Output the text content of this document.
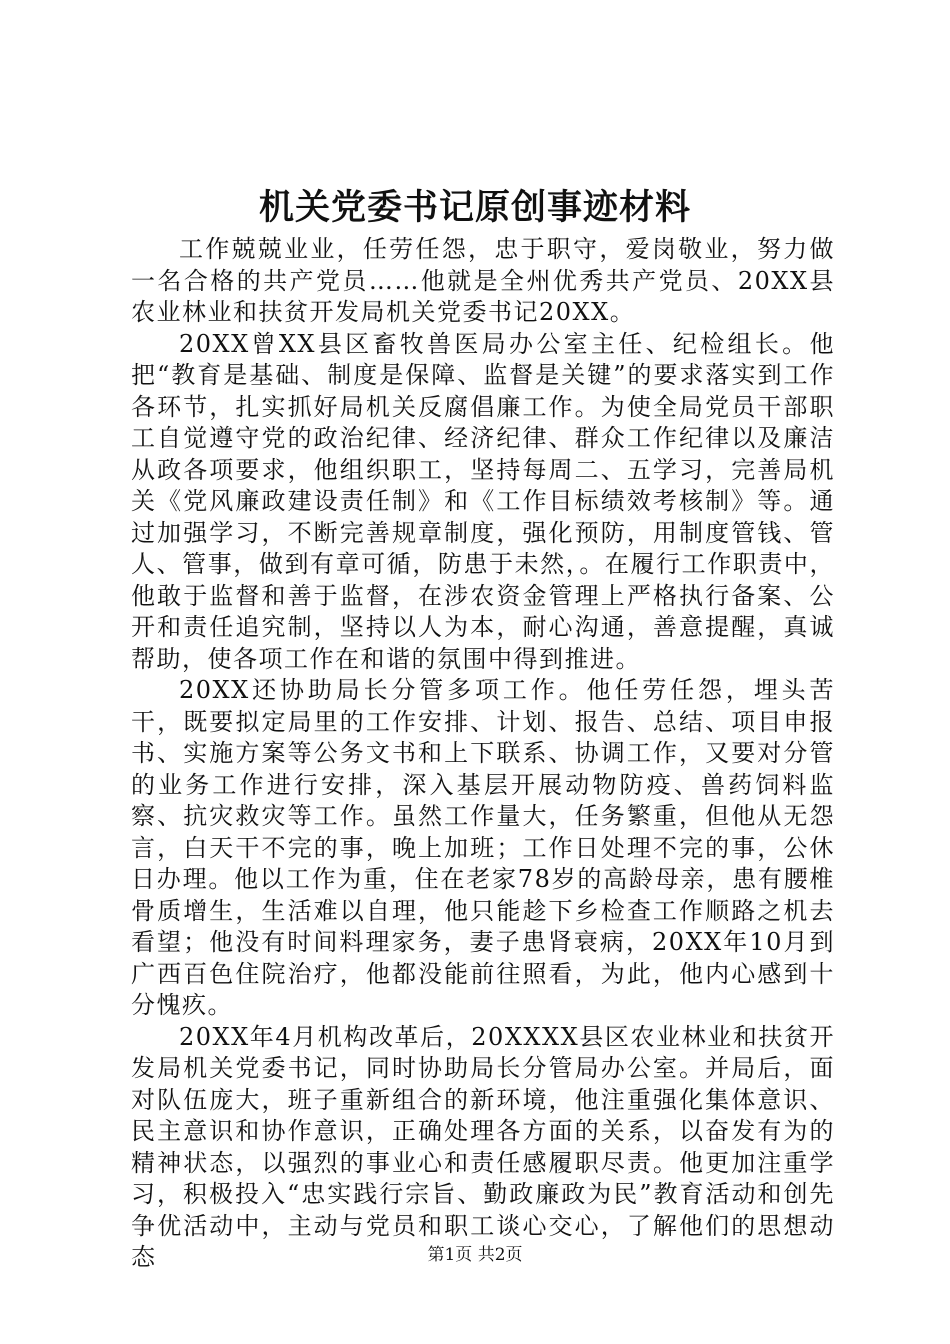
机关党委书记原创事迹材料

工作兢兢业业，任劳任怨，忠于职守，爱岗敬业，努力做一名合格的共产党员……他就是全州优秀共产党员、20XX县农业林业和扶贫开发局机关党委书记20XX。

20XX曾XX县区畜牧兽医局办公室主任、纪检组长。他把“教育是基础、制度是保障、监督是关键”的要求落实到工作各环节，扎实抓好局机关反腐倡廉工作。为使全局党员干部职工自觉遵守党的政治纪律、经济纪律、群众工作纪律以及廉洁从政各项要求，他组织职工，坚持每周二、五学习，完善局机关《党风廉政建设责任制》和《工作目标绩效考核制》等。通过加强学习，不断完善规章制度，强化预防，用制度管钱、管人、管事，做到有章可循，防患于未然，。在履行工作职责中，他敢于监督和善于监督，在涉农资金管理上严格执行备案、公开和责任追究制，坚持以人为本，耐心沟通，善意提醒，真诚帮助，使各项工作在和谐的氛围中得到推进。

20XX还协助局长分管多项工作。他任劳任怨，埋头苦干，既要拟定局里的工作安排、计划、报告、总结、项目申报书、实施方案等公务文书和上下联系、协调工作，又要对分管的业务工作进行安排，深入基层开展动物防疫、兽药饲料监察、抗灾救灾等工作。虽然工作量大，任务繁重，但他从无怨言，白天干不完的事，晚上加班；工作日处理不完的事，公休日办理。他以工作为重，住在老家78岁的高龄母亲，患有腰椎骨质增生，生活难以自理，他只能趁下乡检查工作顺路之机去看望；他没有时间料理家务，妻子患肾衰病，20XX年10月到广西百色住院治疗，他都没能前往照看，为此，他内心感到十分愧疚。

20XX年4月机构改革后，20XXXX县区农业林业和扶贫开发局机关党委书记，同时协助局长分管局办公室。并局后，面对队伍庞大，班子重新组合的新环境，他注重强化集体意识、民主意识和协作意识，正确处理各方面的关系，以奋发有为的精神状态，以强烈的事业心和责任感履职尽责。他更加注重学习，积极投入“忠实践行宗旨、勤政廉政为民”教育活动和创先争优活动中，主动与党员和职工谈心交心，了解他们的思想动态	第1页 共2页
